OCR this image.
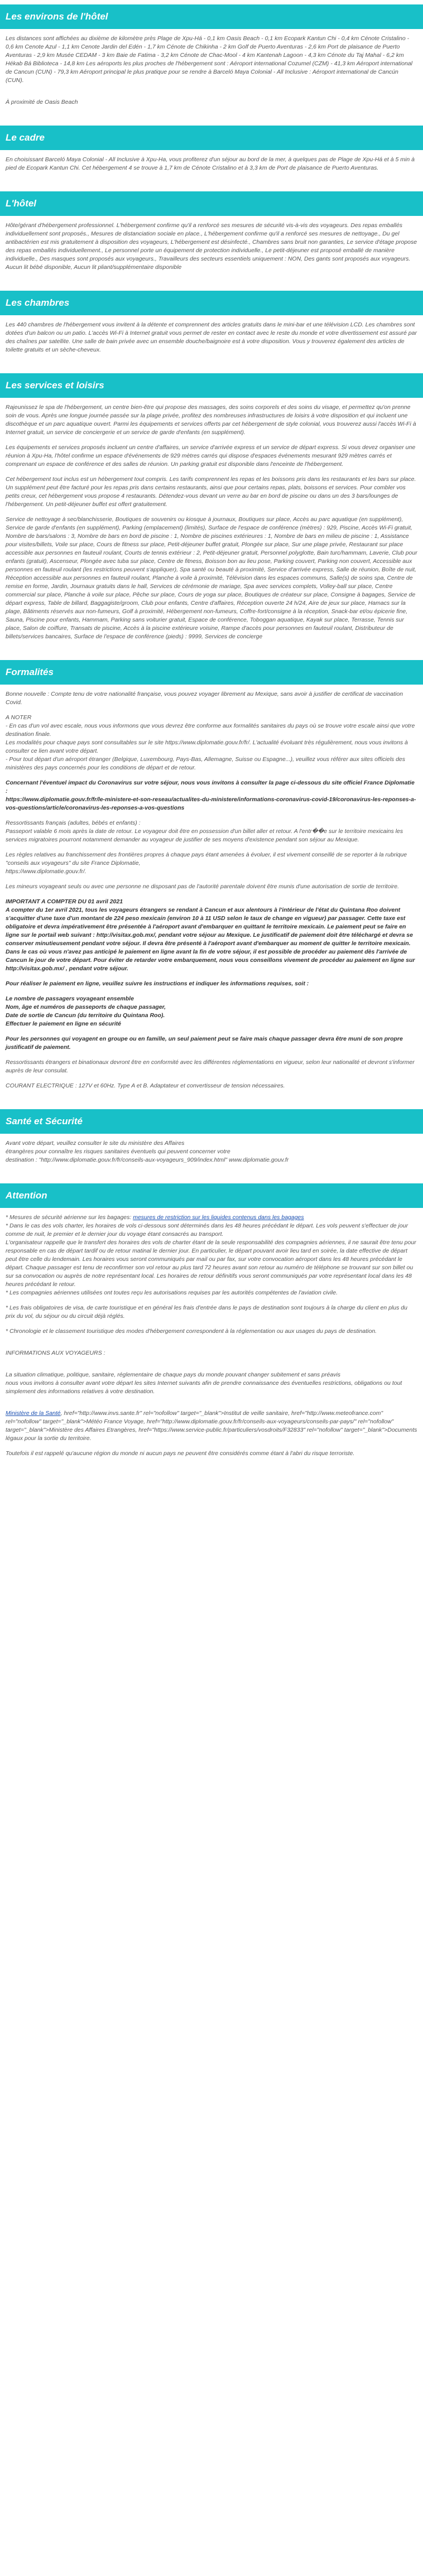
Les environs de l'hôtel

Les distances sont affichées au dixième de kilomètre près Plage de Xpu-Há - 0,1 km Oasis Beach - 0,1 km Ecopark Kantun Chi - 0,4 km Cénote Cristalino - 0,6 km Cenote Azul - 1,1 km Cenote Jardin del Edén - 1,7 km Cénote de Chikinha - 2 km Golf de Puerto Aventuras - 2,6 km Port de plaisance de Puerto Aventuras - 2,9 km Musée CEDAM - 3 km Baie de Fatima - 3,2 km Cénote de Chac-Mool - 4 km Kantenah Lagoon - 4,3 km Cénote du Taj Mahal - 6,2 km Hékab Bá Biblioteca - 14,8 km Les aéroports les plus proches de l'hébergement sont : Aéroport international Cozumel (CZM) - 41,3 km Aéroport international de Cancun (CUN) - 79,3 km Aéroport principal le plus pratique pour se rendre à Barceló Maya Colonial - All Inclusive : Aéroport international de Cancún (CUN).

À proximité de Oasis Beach

Le cadre

En choisissant Barceló Maya Colonial - All Inclusive à Xpu-Ha, vous profiterez d'un séjour au bord de la mer, à quelques pas de Plage de Xpu-Há et à 5 min à pied de Ecopark Kantun Chi. Cet hébergement 4 se trouve à 1,7 km de Cénote Cristalino et à 3,3 km de Port de plaisance de Puerto Aventuras.

L'hôtel

Hôte/gérant d'hébergement professionnel. L'hébergement confirme qu'il a renforcé ses mesures de sécurité vis-à-vis des voyageurs. Des repas emballés individuellement sont proposés., Mesures de distanciation sociale en place., L'hébergement confirme qu'il a renforcé ses mesures de nettoyage., Du gel antibactérien est mis gratuitement à disposition des voyageurs, L'hébergement est désinfecté., Chambres sans bruit non garanties, Le service d'étage propose des repas emballés individuellement., Le personnel porte un équipement de protection individuelle., Le petit-déjeuner est proposé emballé de manière individuelle., Des masques sont proposés aux voyageurs., Travailleurs des secteurs essentiels uniquement : NON, Des gants sont proposés aux voyageurs. Aucun lit bébé disponible, Aucun lit pliant/supplémentaire disponible

Les chambres

Les 440 chambres de l'hébergement vous invitent à la détente et comprennent des articles gratuits dans le mini-bar et une télévision LCD. Les chambres sont dotées d'un balcon ou un patio. L'accès Wi-Fi à Internet gratuit vous permet de rester en contact avec le reste du monde et votre divertissement est assuré par des chaînes par satellite. Une salle de bain privée avec un ensemble douche/baignoire est à votre disposition. Vous y trouverez également des articles de toilette gratuits et un sèche-cheveux.

Les services et loisirs

Rajeunissez le spa de l'hébergement, un centre bien-être qui propose des massages, des soins corporels et des soins du visage, et permettez qu'on prenne soin de vous. Après une longue journée passée sur la plage privée, profitez des nombreuses infrastructures de loisirs à votre disposition et qui incluent une discothèque et un parc aquatique ouvert. Parmi les équipements et services offerts par cet hébergement de style colonial, vous trouverez aussi l'accès Wi-Fi à Internet gratuit, un service de conciergerie et un service de garde d'enfants (en supplément).

Les équipements et services proposés incluent un centre d'affaires, un service d'arrivée express et un service de départ express. Si vous devez organiser une réunion à Xpu-Ha, l'hôtel confirme un espace d'événements de 929 mètres carrés qui dispose d'espaces événements mesurant 929 mètres carrés et comprenant un espace de conférence et des salles de réunion. Un parking gratuit est disponible dans l'enceinte de l'hébergement.

Cet hébergement tout inclus est un hébergement tout compris. Les tarifs comprennent les repas et les boissons pris dans les restaurants et les bars sur place. Un supplément peut être facturé pour les repas pris dans certains restaurants, ainsi que pour certains repas, plats, boissons et services. Pour combler vos petits creux, cet hébergement vous propose 4 restaurants. Détendez-vous devant un verre au bar en bord de piscine ou dans un des 3 bars/lounges de l'hébergement. Un petit-déjeuner buffet est offert gratuitement.

Service de nettoyage à sec/blanchisserie, Boutiques de souvenirs ou kiosque à journaux, Boutiques sur place, Accès au parc aquatique (en supplément), Service de garde d'enfants (en supplément), Parking (emplacement) (limités), Surface de l'espace de conférence (mètres) : 929, Piscine, Accès Wi-Fi gratuit, Nombre de bars/salons : 3, Nombre de bars en bord de piscine : 1, Nombre de piscines extérieures : 1, Nombre de bars en milieu de piscine : 1, Assistance pour visites/billets, Voile sur place, Cours de fitness sur place, Petit-déjeuner buffet gratuit, Plongée sur place, Sur une plage privée, Restaurant sur place accessible aux personnes en fauteuil roulant, Courts de tennis extérieur : 2, Petit-déjeuner gratuit, Personnel polyglotte, Bain turc/hammam, Laverie, Club pour enfants (gratuit), Ascenseur, Plongée avec tuba sur place, Centre de fitness, Boisson bon au lieu pose, Parking couvert, Parking non couvert, Accessible aux personnes en fauteuil roulant (les restrictions peuvent s'appliquer), Spa santé ou beauté à proximité, Service d'arrivée express, Salle de réunion, Boîte de nuit, Réception accessible aux personnes en fauteuil roulant, Planche à voile à proximité, Télévision dans les espaces communs, Salle(s) de soins spa, Centre de remise en forme, Jardin, Journaux gratuits dans le hall, Services de cérémonie de mariage, Spa avec services complets, Volley-ball sur place, Centre commercial sur place, Planche à voile sur place, Pêche sur place, Cours de yoga sur place, Boutiques de créateur sur place, Consigne à bagages, Service de départ express, Table de billard, Baggagiste/groom, Club pour enfants, Centre d'affaires, Réception ouverte 24 h/24, Aire de jeux sur place, Hamacs sur la plage, Bâtiments réservés aux non-fumeurs, Golf à proximité, Hébergement non-fumeurs, Coffre-fort/consigne à la réception, Snack-bar et/ou épicerie fine, Sauna, Piscine pour enfants, Hammam, Parking sans voiturier gratuit, Espace de conférence, Toboggan aquatique, Kayak sur place, Terrasse, Tennis sur place, Salon de coiffure, Transats de piscine, Accès à la piscine extérieure voisine, Rampe d'accès pour personnes en fauteuil roulant, Distributeur de billets/services bancaires, Surface de l'espace de conférence (pieds) : 9999, Services de concierge

Formalités

Bonne nouvelle : Compte tenu de votre nationalité française, vous pouvez voyager librement au Mexique, sans avoir à justifier de certificat de vaccination Covid.

A NOTER
- En cas d'un vol avec escale, nous vous informons que vous devrez être conforme aux formalités sanitaires du pays où se trouve votre escale ainsi que votre destination finale.
Les modalités pour chaque pays sont consultables sur le site https://www.diplomatie.gouv.fr/fr/. L'actualité évoluant très régulièrement, nous vous invitons à consulter ce lien avant votre départ.
- Pour tout départ d'un aéroport étranger (Belgique, Luxembourg, Pays-Bas, Allemagne, Suisse ou Espagne...), veuillez vous référer aux sites officiels des ministères des pays concernés pour les conditions de départ et de retour.

Concernant l'éventuel impact du Coronavirus sur votre séjour, nous vous invitons à consulter la page ci-dessous du site officiel France Diplomatie :
https://www.diplomatie.gouv.fr/fr/le-ministere-et-son-reseau/actualites-du-ministere/informations-coronavirus-covid-19/coronavirus-les-reponses-a-vos-questions/article/coronavirus-les-reponses-a-vos-questions

Ressortissants français (adultes, bébés et enfants) :
Passeport valable 6 mois après la date de retour. Le voyageur doit être en possession d'un billet aller et retour. A l'entr��e sur le territoire mexicains les services migratoires pourront notamment demander au voyageur de justifier de ses moyens d'existence pendant son séjour au Mexique.

Les règles relatives au franchissement des frontières propres à chaque pays étant amenées à évoluer, il est vivement conseillé de se reporter à la rubrique "conseils aux voyageurs" du site France Diplomatie,
https://www.diplomatie.gouv.fr/.

Les mineurs voyageant seuls ou avec une personne ne disposant pas de l'autorité parentale doivent être munis d'une autorisation de sortie de territoire.

IMPORTANT A COMPTER DU 01 avril 2021
A compter du 1er avril 2021, tous les voyageurs étrangers se rendant à Cancun et aux alentours à l'intérieur de l'état du Quintana Roo doivent s'acquitter d'une taxe d'un montant de 224 peso mexicain (environ 10 à 11 USD selon le taux de change en vigueur) par passager. Cette taxe est obligatoire et devra impérativement être présentée à l'aéroport avant d'embarquer en quittant le territoire mexicain. Le paiement peut se faire en ligne sur le portail web suivant : http://visitax.gob.mx/, pendant votre séjour au Mexique. Le justificatif de paiement doit être téléchargé et devra se conserver minutieusement pendant votre séjour. Il devra être présenté à l'aéroport avant d'embarquer au moment de quitter le territoire mexicain. Dans le cas où vous n'avez pas anticipé le paiement en ligne avant la fin de votre séjour, il est possible de procéder au paiement dès l'arrivée de Cancun le jour de votre départ. Pour éviter de retarder votre embarquement, nous vous conseillons vivement de procéder au paiement en ligne sur http://visitax.gob.mx/ , pendant votre séjour.

Pour réaliser le paiement en ligne, veuillez suivre les instructions et indiquer les informations requises, soit :

Le nombre de passagers voyageant ensemble
Nom, âge et numéros de passeports de chaque passager,
Date de sortie de Cancun (du territoire du Quintana Roo).
Effectuer le paiement en ligne en sécurité

Pour les personnes qui voyagent en groupe ou en famille, un seul paiement peut se faire mais chaque passager devra être muni de son propre justificatif de paiement.

Ressortissants étrangers et binationaux devront être en conformité avec les différentes réglementations en vigueur, selon leur nationalité et devront s'informer auprès de leur consulat.

COURANT ELECTRIQUE : 127V et 60Hz. Type A et B. Adaptateur et convertisseur de tension nécessaires.

Santé et Sécurité

Avant votre départ, veuillez consulter le site du ministère des Affaires
étrangères pour connaître les risques sanitaires éventuels qui peuvent concerner votre
destination : "http://www.diplomatie.gouv.fr/fr/conseils-aux-voyageurs_909/index.html" www.diplomatie.gouv.fr

Attention

* Mesures de sécurité aérienne sur les bagages: mesures de restriction sur les liquides contenus dans les bagages
* Dans le cas des vols charter, les horaires de vols ci-dessous sont déterminés dans les 48 heures précédant le départ. Les vols peuvent s'effectuer de jour comme de nuit, le premier et le dernier jour du voyage étant consacrés au transport.
L'organisateur rappelle que le transfert des horaires des vols de charter étant de la seule responsabilité des compagnies aériennes, il ne saurait être tenu pour responsable en cas de départ tardif ou de retour matinal le dernier jour. En particulier, le départ pouvant avoir lieu tard en soirée, la date effective de départ peut être celle du lendemain. Les horaires vous seront communiqués par mail ou par fax, sur votre convocation aéroport dans les 48 heures précédant le départ. Chaque passager est tenu de reconfirmer son vol retour au plus tard 72 heures avant son retour au numéro de téléphone se trouvant sur son billet ou sur sa convocation ou auprès de notre représentant local. Les horaires de retour définitifs vous seront communiqués par votre représentant local dans les 48 heures précédant le retour.
* Les compagnies aériennes utilisées ont toutes reçu les autorisations requises par les autorités compétentes de l'aviation civile.

* Les frais obligatoires de visa, de carte touristique et en général les frais d'entrée dans le pays de destination sont toujours à la charge du client en plus du prix du vol, du séjour ou du circuit déjà réglés.

* Chronologie et le classement touristique des modes d'hébergement correspondent à la réglementation ou aux usages du pays de destination.

INFORMATIONS AUX VOYAGEURS :

La situation climatique, politique, sanitaire, réglementaire de chaque pays du monde pouvant changer subitement et sans préavis
nous vous invitons à consulter avant votre départ les sites Internet suivants afin de prendre connaissance des éventuelles restrictions, obligations ou tout simplement des informations relatives à votre destination.

Ministère de la Santé, href="http://www.invs.sante.fr" rel="nofollow" target="_blank">Institut de veille sanitaire, href="http://www.meteofrance.com" rel="nofollow" target="_blank">Météo France Voyage, href="http://www.diplomatie.gouv.fr/fr/conseils-aux-voyageurs/conseils-par-pays/" rel="nofollow" target="_blank">Ministère des Affaires Etrangères, href="https://www.service-public.fr/particuliers/vosdroits/F32833" rel="nofollow" target="_blank">Documents légaux pour la sortie du territoire.

Toutefois il est rappelé qu'aucune région du monde ni aucun pays ne peuvent être considérés comme étant à l'abri du risque terroriste.
